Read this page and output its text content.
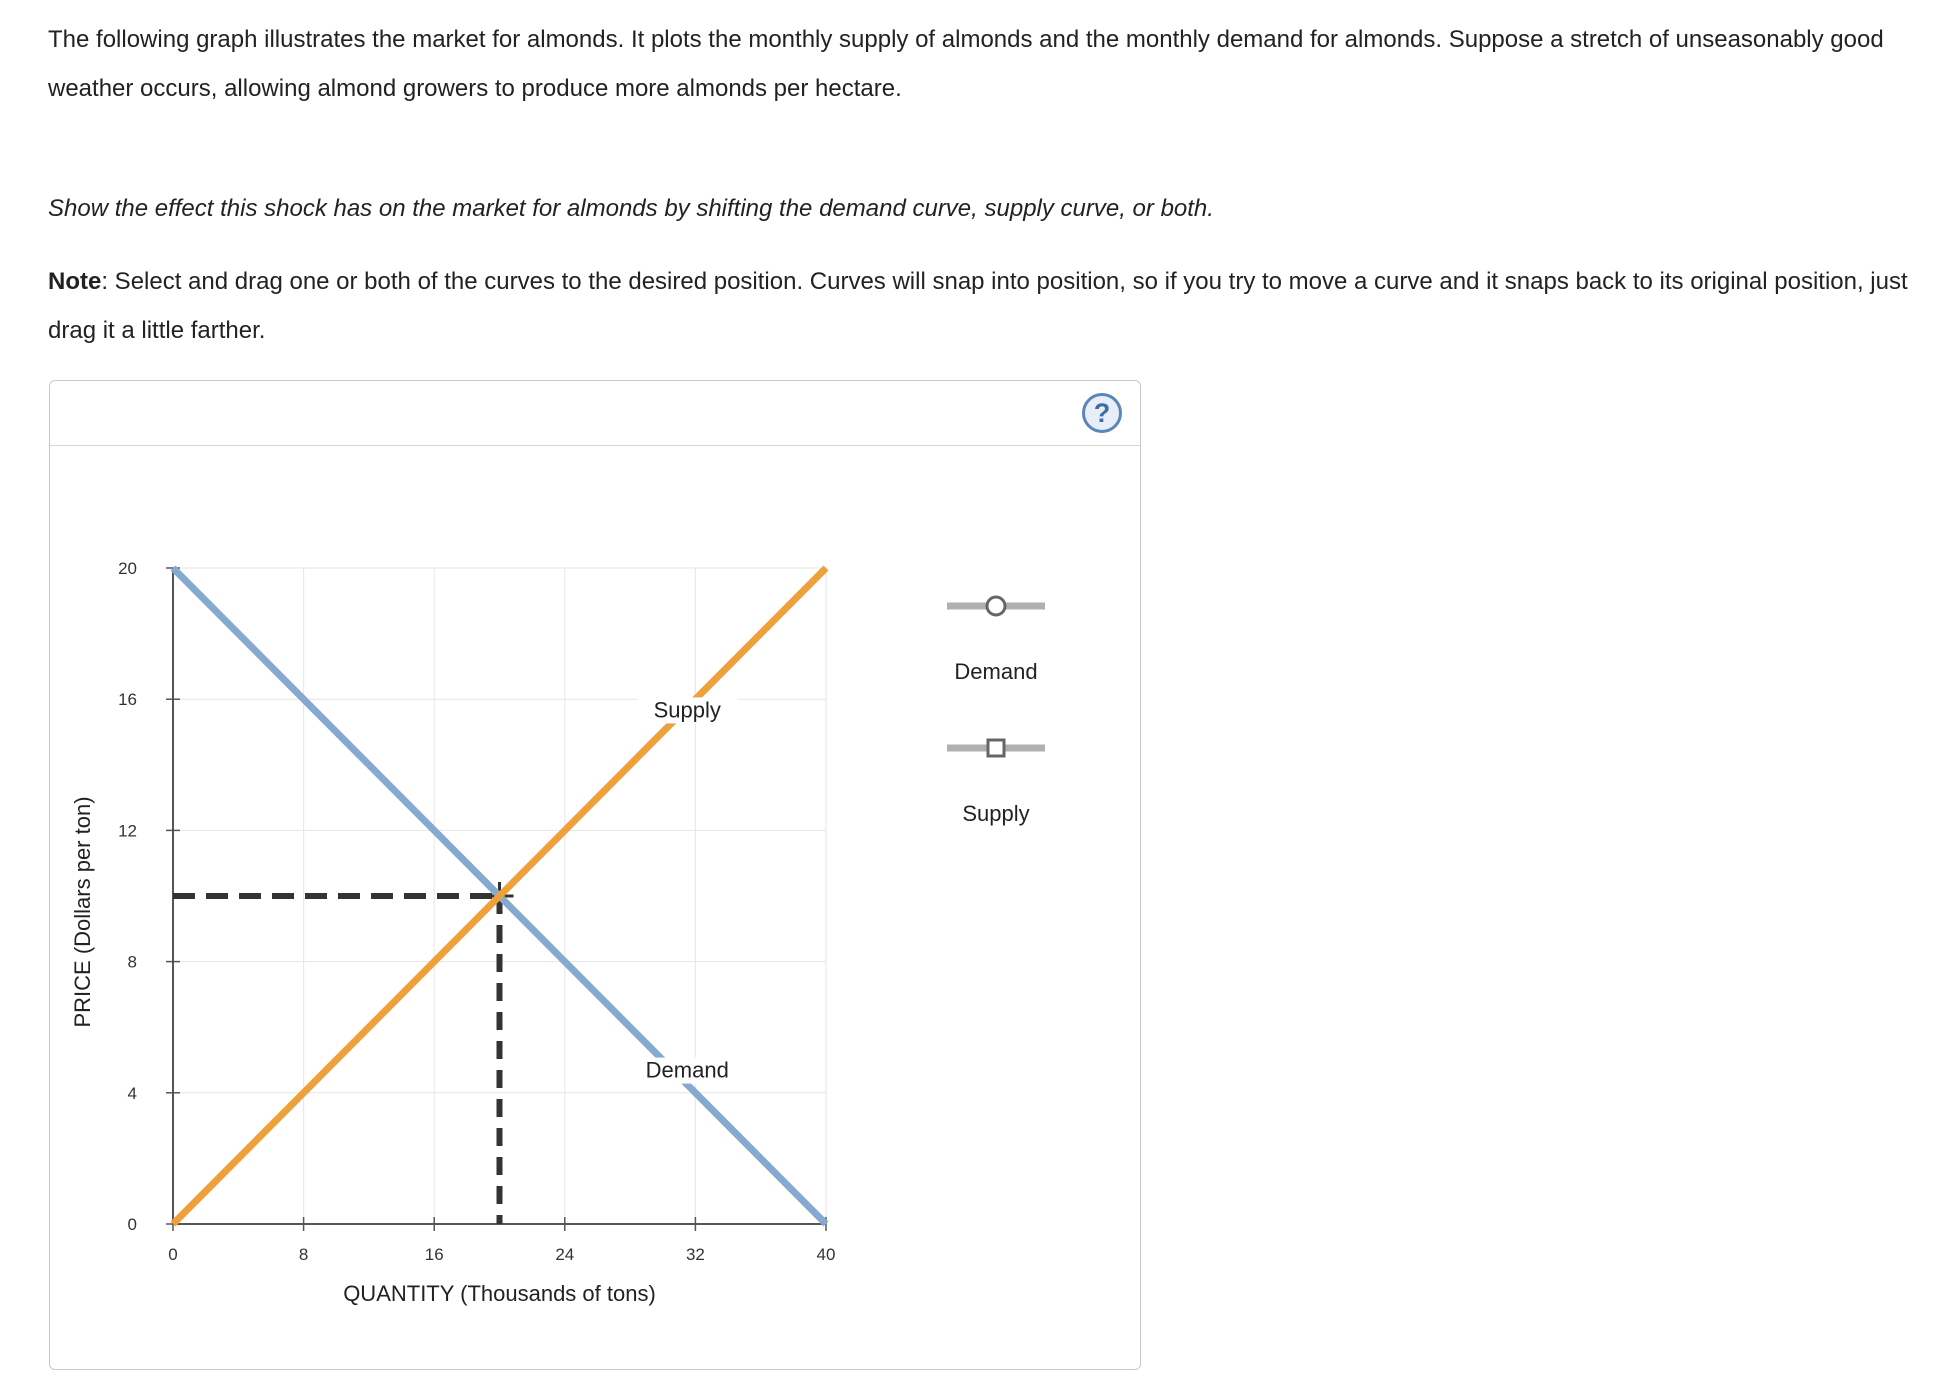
The following graph illustrates the market for almonds. It plots the monthly supply of almonds and the monthly demand for almonds. Suppose a stretch of unseasonably good weather occurs, allowing almond growers to produce more almonds per hectare.

Show the effect this shock has on the market for almonds by shifting the demand curve, supply curve, or both.

Note: Select and drag one or both of the curves to the desired position. Curves will snap into position, so if you try to move a curve and it snaps back to its original position, just drag it a little farther.

?
0	8	16	24	32	40
0
4
8
12
16
20
QUANTITY (Thousands of tons)
PRICE (Dollars per ton)
Supply
Demand
Demand
Supply
